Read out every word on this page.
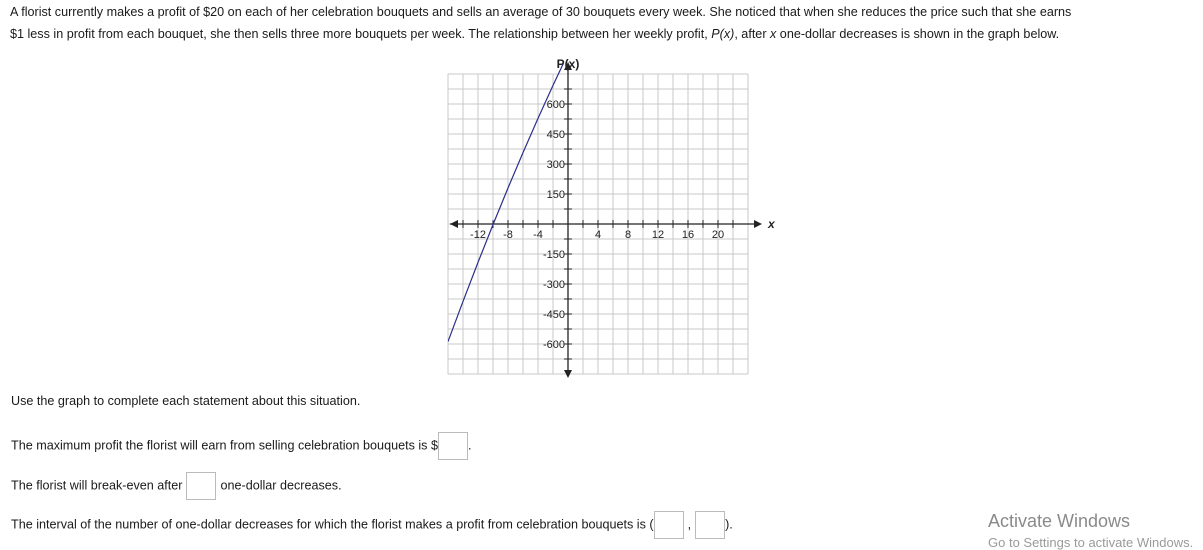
A florist currently makes a profit of $20 on each of her celebration bouquets and sells an average of 30 bouquets every week. She noticed that when she reduces the price such that she earns
$1 less in profit from each bouquet, she then sells three more bouquets per week. The relationship between her weekly profit, P(x), after x one-dollar decreases is shown in the graph below.
-12 -8 -4	4 8 12 16 20
600
450
300
150
-150
-300
-450
-600
x
P(x)
Use the graph to complete each statement about this situation.
The maximum profit the florist will earn from selling celebration bouquets is $ .
The florist will break-even after	one-dollar decreases.
The interval of the number of one-dollar decreases for which the florist makes a profit from celebration bouquets is (	,	).	Activate Windows
Go to Settings to activate Windows.
